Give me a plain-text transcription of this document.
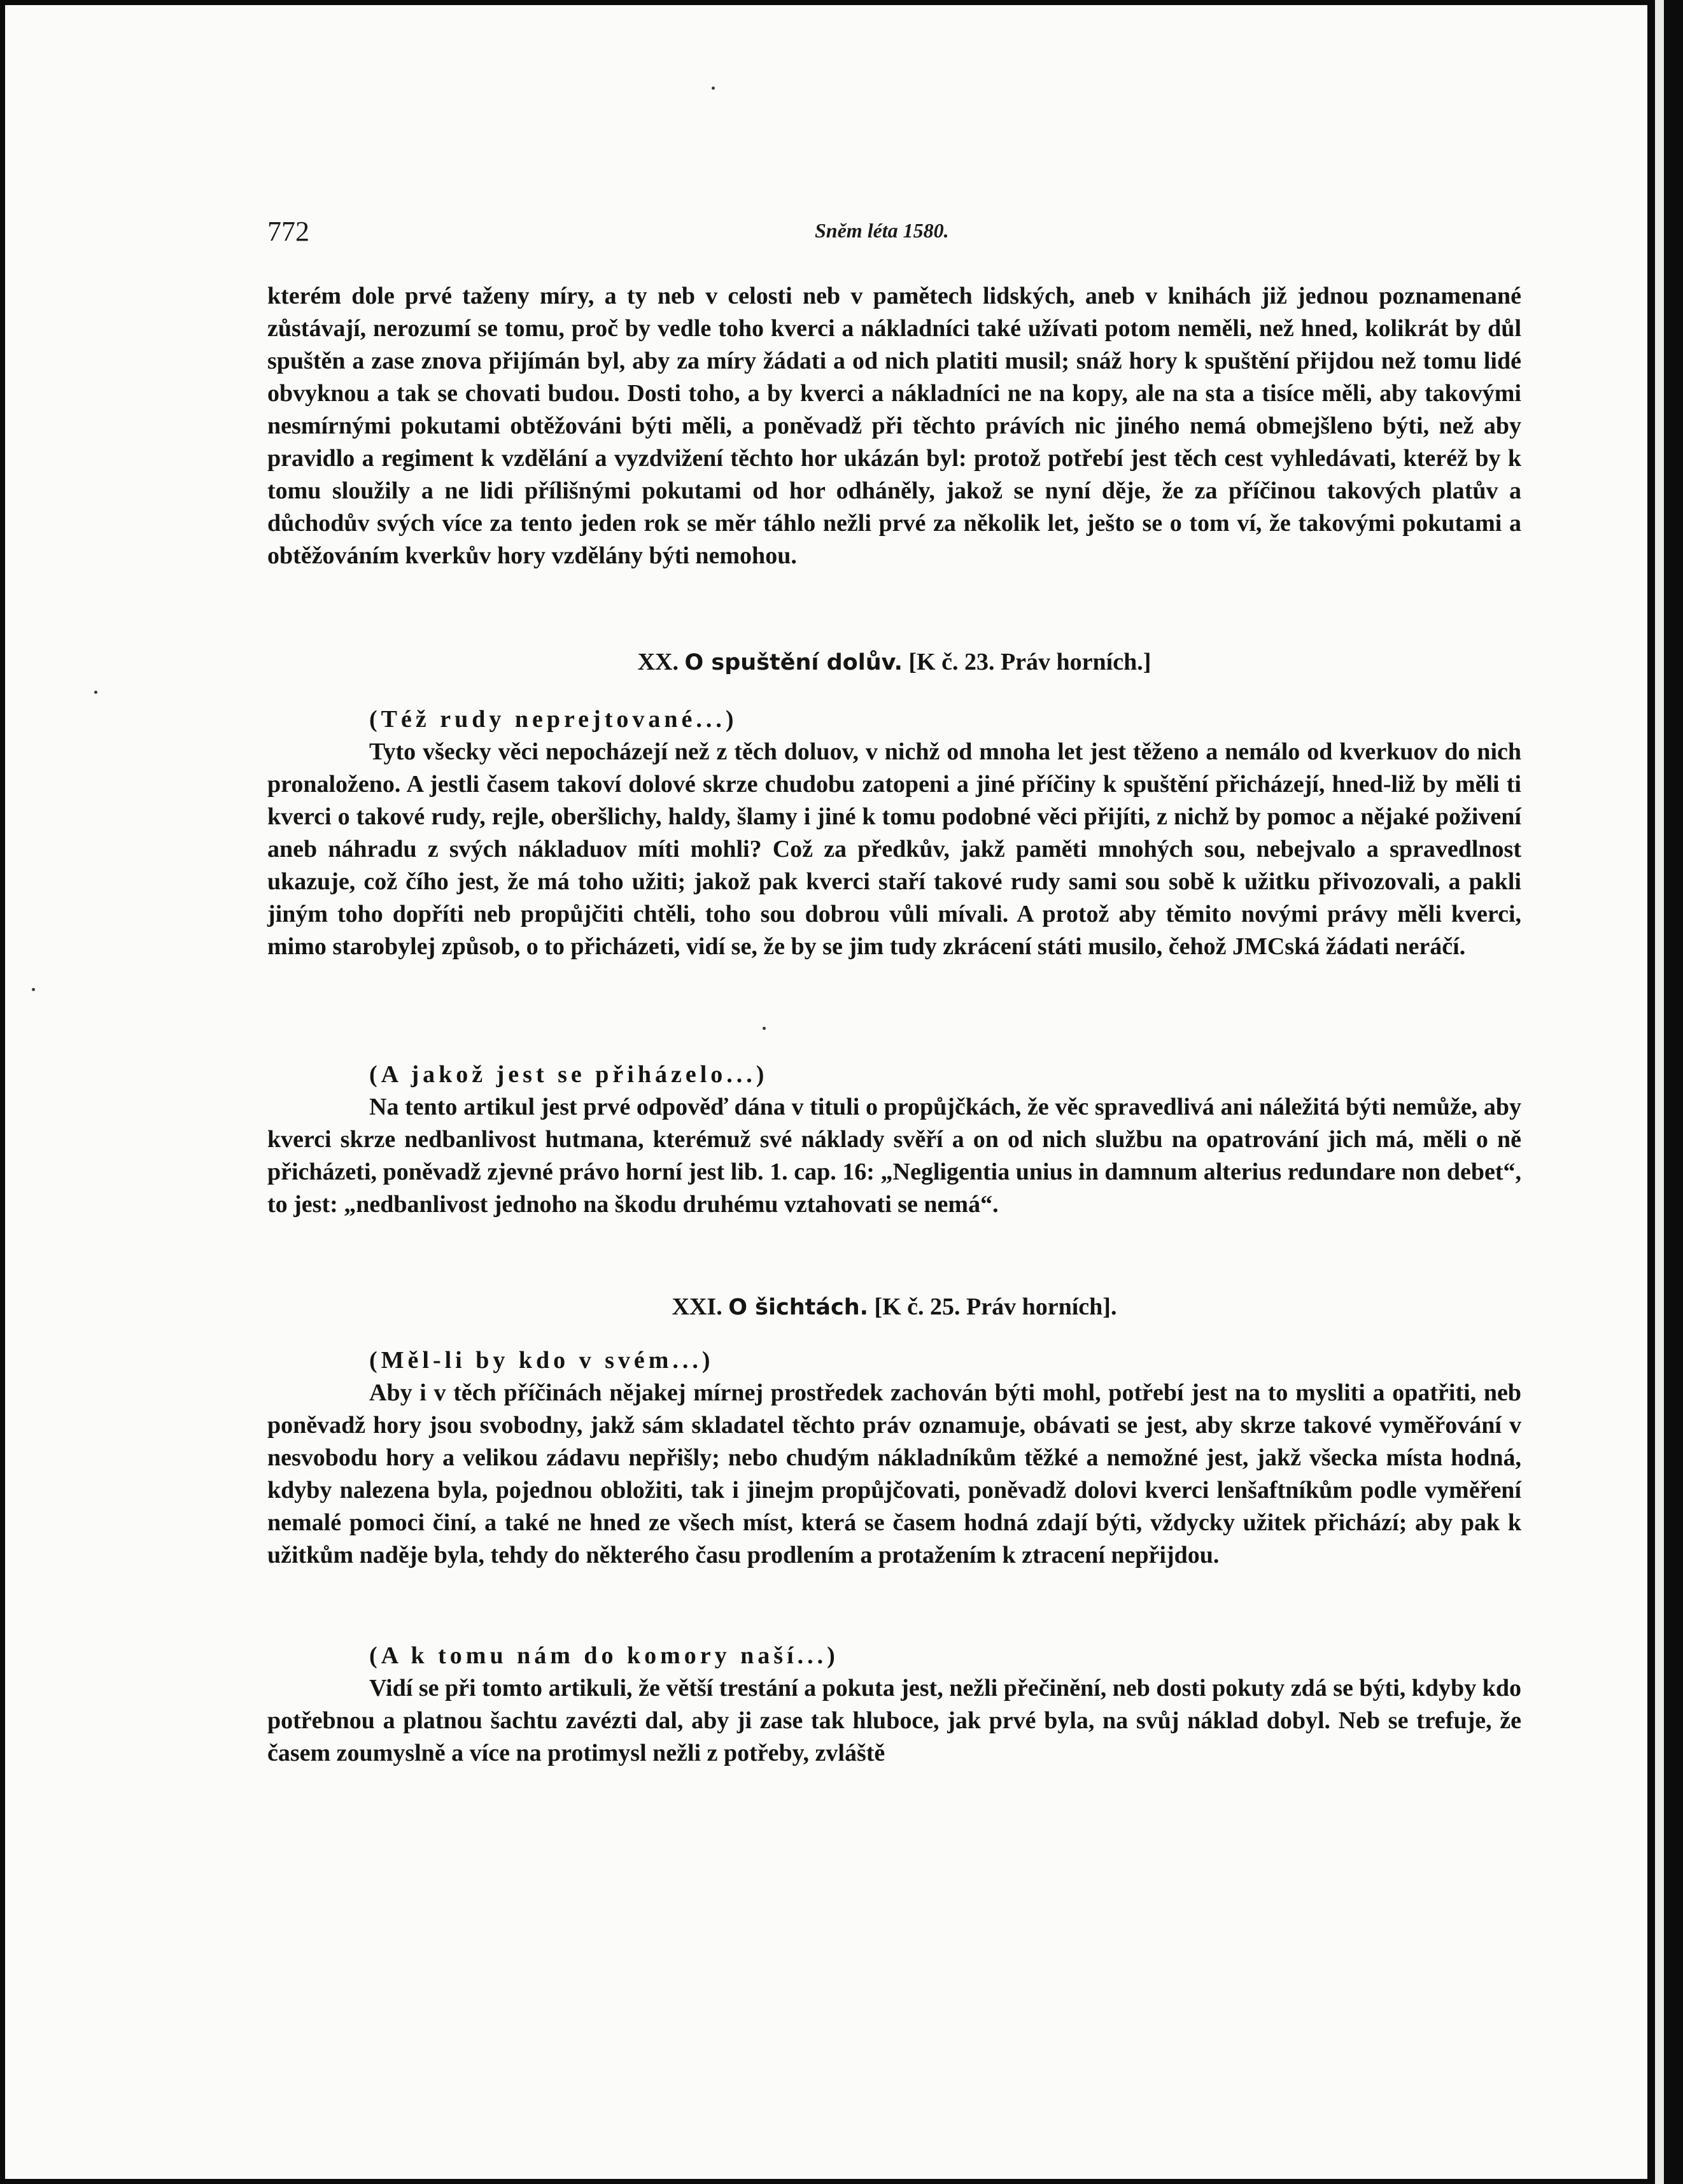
772	Sněm léta 1580.

kterém dole prvé taženy míry, a ty neb v celosti neb v pamětech lidských, aneb v knihách již jednou poznamenané zůstávají, nerozumí se tomu, proč by vedle toho kverci a nákladníci také užívati potom neměli, než hned, kolikrát by důl spuštěn a zase znova přijímán byl, aby za míry žádati a od nich platiti musil; snáž hory k spuštění přijdou než tomu lidé obvyknou a tak se chovati budou. Dosti toho, a by kverci a nákladníci ne na kopy, ale na sta a tisíce měli, aby takovými nesmírnými pokutami obtěžováni býti měli, a poněvadž při těchto právích nic jiného nemá obmejšleno býti, než aby pravidlo a regiment k vzdělání a vyzdvižení těchto hor ukázán byl: protož potřebí jest těch cest vyhledávati, kteréž by k tomu sloužily a ne lidi přílišnými pokutami od hor odháněly, jakož se nyní děje, že za příčinou takových platův a důchodův svých více za tento jeden rok se měr táhlo nežli prvé za několik let, ješto se o tom ví, že takovými pokutami a obtěžováním kverkův hory vzdělány býti nemohou.

XX. O spuštění dolův. [K č. 23. Práv horních.]
(Též rudy neprejtované...)

Tyto všecky věci nepocházejí než z těch doluov, v nichž od mnoha let jest těženo a nemálo od kverkuov do nich pronaloženo. A jestli časem takoví dolové skrze chudobu zatopeni a jiné příčiny k spuštění přicházejí, hned-liž by měli ti kverci o takové rudy, rejle, oberšlichy, haldy, šlamy i jiné k tomu podobné věci přijíti, z nichž by pomoc a nějaké poživení aneb náhradu z svých nákladuov míti mohli? Což za předkův, jakž paměti mnohých sou, nebejvalo a spravedlnost ukazuje, což čího jest, že má toho užiti; jakož pak kverci staří takové rudy sami sou sobě k užitku přivozovali, a pakli jiným toho dopříti neb propůjčiti chtěli, toho sou dobrou vůli mívali. A protož aby těmito novými právy měli kverci, mimo starobylej způsob, o to přicházeti, vidí se, že by se jim tudy zkrácení státi musilo, čehož JMCská žádati neráčí.

(A jakož jest se přiházelo...)

Na tento artikul jest prvé odpověď dána v tituli o propůjčkách, že věc spravedlivá ani náležitá býti nemůže, aby kverci skrze nedbanlivost hutmana, kterémuž své náklady svěří a on od nich službu na opatrování jich má, měli o ně přicházeti, poněvadž zjevné právo horní jest lib. 1. cap. 16: „Negligentia unius in damnum alterius redundare non debet“, to jest: „nedbanlivost jednoho na škodu druhému vztahovati se nemá“.

XXI. O šichtách. [K č. 25. Práv horních].
(Měl-li by kdo v svém...)

Aby i v těch příčinách nějakej mírnej prostředek zachován býti mohl, potřebí jest na to mysliti a opatřiti, neb poněvadž hory jsou svobodny, jakž sám skladatel těchto práv oznamuje, obávati se jest, aby skrze takové vyměřování v nesvobodu hory a velikou zádavu nepřišly; nebo chudým nákladníkům těžké a nemožné jest, jakž všecka místa hodná, kdyby nalezena byla, pojednou obložiti, tak i jinejm propůjčovati, poněvadž dolovi kverci lenšaftníkům podle vyměření nemalé pomoci činí, a také ne hned ze všech míst, která se časem hodná zdají býti, vždycky užitek přichází; aby pak k užitkům naděje byla, tehdy do některého času prodlením a protažením k ztracení nepřijdou.

(A k tomu nám do komory naší...)

Vidí se při tomto artikuli, že větší trestání a pokuta jest, nežli přečinění, neb dosti pokuty zdá se býti, kdyby kdo potřebnou a platnou šachtu zavézti dal, aby ji zase tak hluboce, jak prvé byla, na svůj náklad dobyl. Neb se trefuje, že časem zoumyslně a více na protimysl nežli z potřeby, zvláště
